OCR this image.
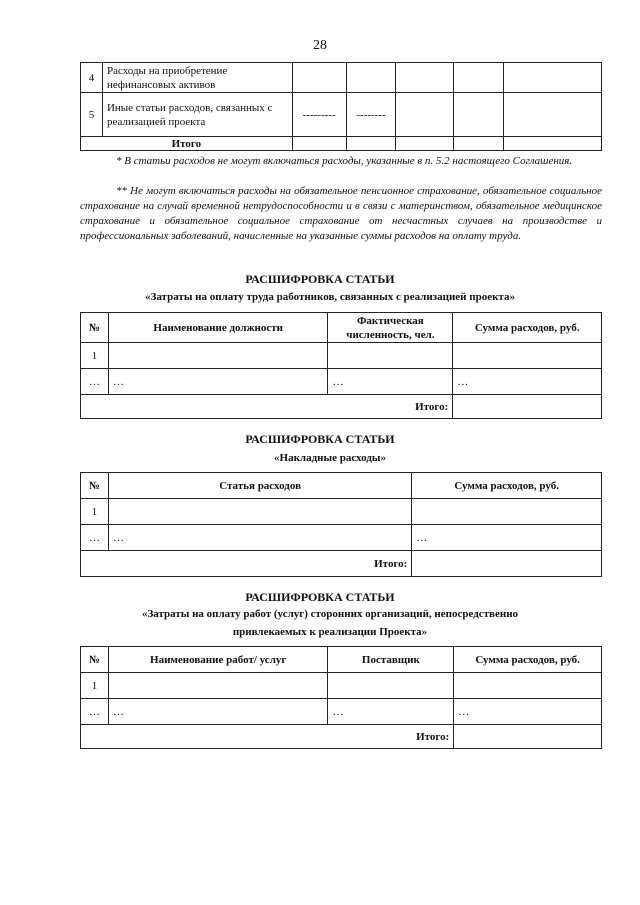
28
4	Расходы на приобретение нефинансовых активов					
5	Иные статьи расходов, связанных с реализацией проекта	---------	--------			
Итого						
* В статьи расходов не могут включаться расходы, указанные в п. 5.2 настоящего Соглашения.
** Не могут включаться расходы на обязательное пенсионное страхование, обязательное социальное страхование на случай временной нетрудоспособности и в связи с материнством, обязательное медицинское страхование и обязательное социальное страхование от несчастных случаев на производстве и профессиональных заболеваний, начисленные на указанные суммы расходов на оплату труда.
РАСШИФРОВКА СТАТЬИ
«Затраты на оплату труда работников, связанных с реализацией проекта»
№	Наименование должности	Фактическая численность, чел.	Сумма расходов, руб.
1			
…	…	…	…
Итого:			
РАСШИФРОВКА СТАТЬИ
«Накладные расходы»
№	Статья расходов	Сумма расходов, руб.
1		
…	…	…
Итого:		
РАСШИФРОВКА СТАТЬИ
«Затраты на оплату работ (услуг) сторонних организаций, непосредственно
привлекаемых к реализации Проекта»
№	Наименование работ/ услуг	Поставщик	Сумма расходов, руб.
1			
…	…	…	…
Итого:			
